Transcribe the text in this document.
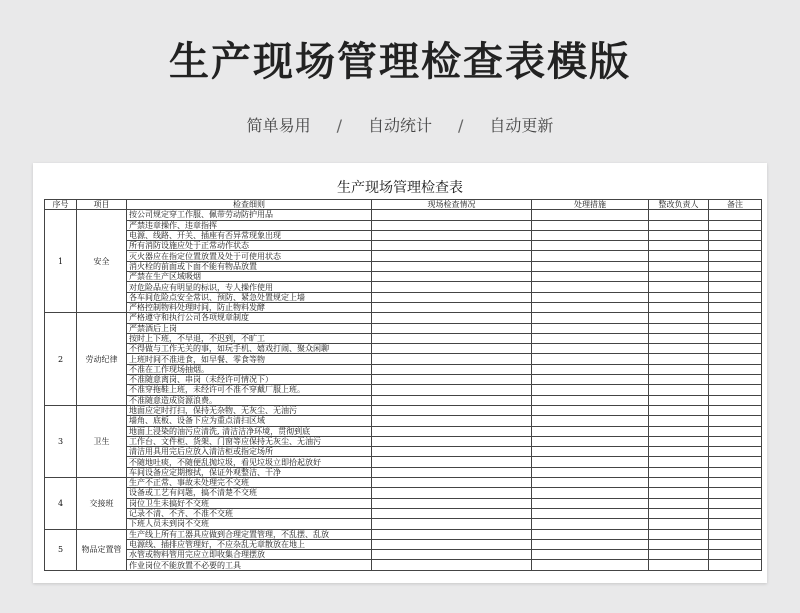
生产现场管理检查表模版
简单易用 / 自动统计 / 自动更新
生产现场管理检查表
序号	项目	检查细则	现场检查情况	处理措施	整改负责人	备注
1	安全	按公司规定穿工作服、佩带劳动防护用品				
		严禁违章操作、违章指挥				
		电源、线路、开关、插座有否异常现象出现				
		所有消防设施应处于正常动作状态				
		灭火器应在指定位置放置及处于可使用状态				
		消火栓的前面或下面不能有物品放置				
		严禁在生产区域吸烟				
		对危险品应有明显的标识，专人操作使用				
		各车间危险点安全常识、预防、紧急处置规定上墙				
		严格控制物料处理时间，防止物料发酵				
2	劳动纪律	严格遵守和执行公司各项规章制度				
		严禁酒后上岗				
		按时上下班，不早退，不迟到，不旷工				
		不得做与工作无关的事，如玩手机、嬉戏打闹、聚众闲聊				
		上班时间不准进食，如早餐、零食等物				
		不准在工作现场抽烟。				
		不准随意离岗、串岗（未经许可情况下）				
		不准穿拖鞋上班，未经许可不准不穿戴厂服上班。				
		不准随意造成资源浪费。				
3	卫生	地面应定时打扫，保持无杂物、无灰尘、无油污				
		墙角、底板、设备下应为重点清扫区域				
		地面上浸染的油污应清洗, 清洁洁净环境，贯彻到底				
		工作台、文件柜、货架、门窗等应保持无灰尘、无油污				
		清洁用具用完后应放入清洁柜或指定场所				
		不随地吐痰，不随便乱抛垃圾，看见垃圾立即拾起放好				
		车间设备应定期擦拭，保证外观整洁、干净				
4	交接班	生产不正常、事故未处理完不交班				
		设备或工艺有问题，搞不清楚不交班				
		岗位卫生未搞好不交班				
		记录不清、不齐、不准不交班				
		下班人员未到岗不交班				
5	物品定置管	生产线上所有工器具应做到合理定置管理，不乱摆、乱放				
		电源线、插排应管理好，不应杂乱无章散放在地上				
		水管或物料管用完应立即收集合理摆放				
		作业岗位不能放置不必要的工具				
